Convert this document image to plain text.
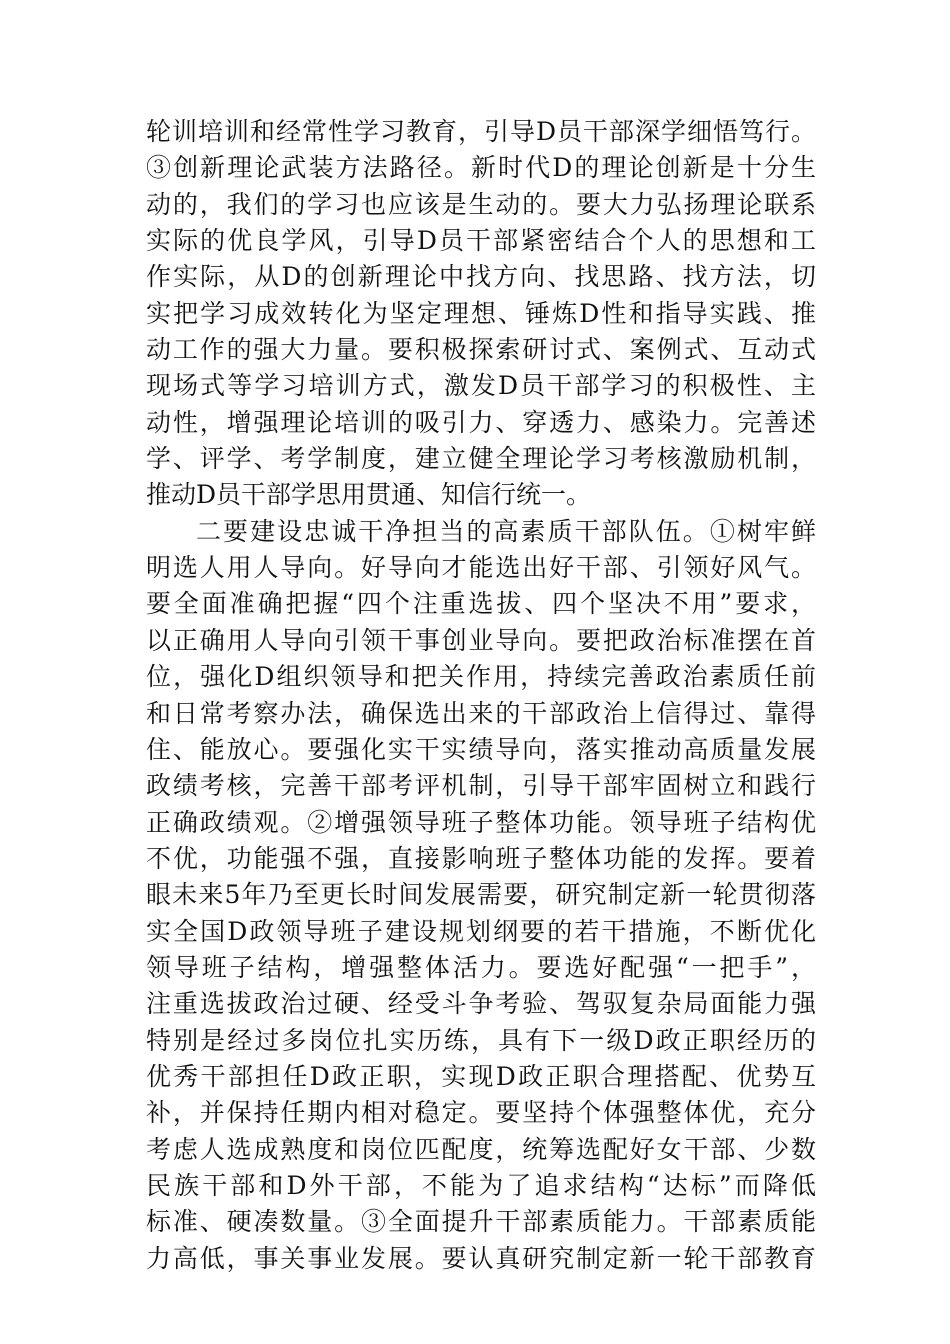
轮训培训和经常性学习教育，引导D员干部深学细悟笃行。
③创新理论武装方法路径。新时代D的理论创新是十分生
动的，我们的学习也应该是生动的。要大力弘扬理论联系
实际的优良学风，引导D员干部紧密结合个人的思想和工
作实际，从D的创新理论中找方向、找思路、找方法，切
实把学习成效转化为坚定理想、锤炼D性和指导实践、推
动工作的强大力量。要积极探索研讨式、案例式、互动式
现场式等学习培训方式，激发D员干部学习的积极性、主
动性，增强理论培训的吸引力、穿透力、感染力。完善述
学、评学、考学制度，建立健全理论学习考核激励机制，
推动D员干部学思用贯通、知信行统一。
二要建设忠诚干净担当的高素质干部队伍。①树牢鲜
明选人用人导向。好导向才能选出好干部、引领好风气。
要全面准确把握“四个注重选拔、四个坚决不用”要求，
以正确用人导向引领干事创业导向。要把政治标准摆在首
位，强化D组织领导和把关作用，持续完善政治素质任前
和日常考察办法，确保选出来的干部政治上信得过、靠得
住、能放心。要强化实干实绩导向，落实推动高质量发展
政绩考核，完善干部考评机制，引导干部牢固树立和践行
正确政绩观。②增强领导班子整体功能。领导班子结构优
不优，功能强不强，直接影响班子整体功能的发挥。要着
眼未来5年乃至更长时间发展需要，研究制定新一轮贯彻落
实全国D政领导班子建设规划纲要的若干措施，不断优化
领导班子结构，增强整体活力。要选好配强“一把手”，
注重选拔政治过硬、经受斗争考验、驾驭复杂局面能力强
特别是经过多岗位扎实历练，具有下一级D政正职经历的
优秀干部担任D政正职，实现D政正职合理搭配、优势互
补，并保持任期内相对稳定。要坚持个体强整体优，充分
考虑人选成熟度和岗位匹配度，统筹选配好女干部、少数
民族干部和D外干部，不能为了追求结构“达标”而降低
标准、硬凑数量。③全面提升干部素质能力。干部素质能
力高低，事关事业发展。要认真研究制定新一轮干部教育
